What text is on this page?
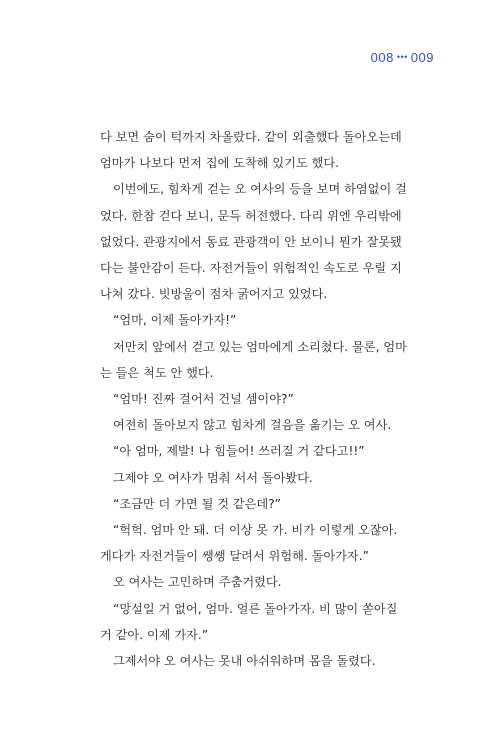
008 ••• 009

다 보면 숨이 턱까지 차올랐다. 같이 외출했다 돌아오는데

엄마가 나보다 먼저 집에 도착해 있기도 했다.

이번에도, 힘차게 걷는 오 여사의 등을 보며 하염없이 걸

었다. 한참 걷다 보니, 문득 허전했다. 다리 위엔 우리밖에

없었다. 관광지에서 동료 관광객이 안 보이니 뭔가 잘못됐

다는 불안감이 든다. 자전거들이 위험적인 속도로 우릴 지

나쳐 갔다. 빗방울이 점차 굵어지고 있었다.

“엄마, 이제 돌아가자!”

저만치 앞에서 걷고 있는 엄마에게 소리쳤다. 물론, 엄마

는 들은 척도 안 했다.

“엄마! 진짜 걸어서 건널 셈이야?”

여전히 돌아보지 않고 힘차게 걸음을 옮기는 오 여사.

“아 엄마, 제발! 나 힘들어! 쓰러질 거 같다고!!”

그제야 오 여사가 멈춰 서서 돌아봤다.

“조금만 더 가면 될 것 같은데?”

“헉헉. 엄마 안 돼. 더 이상 못 가. 비가 이렇게 오잖아.

게다가 자전거들이 쌩쌩 달려서 위험해. 돌아가자.”

오 여사는 고민하며 주춤거렸다.

“망설일 거 없어, 엄마. 얼른 돌아가자. 비 많이 쏟아질

거 같아. 이제 가자.”

그제서야 오 여사는 못내 아쉬워하며 몸을 돌렸다.
